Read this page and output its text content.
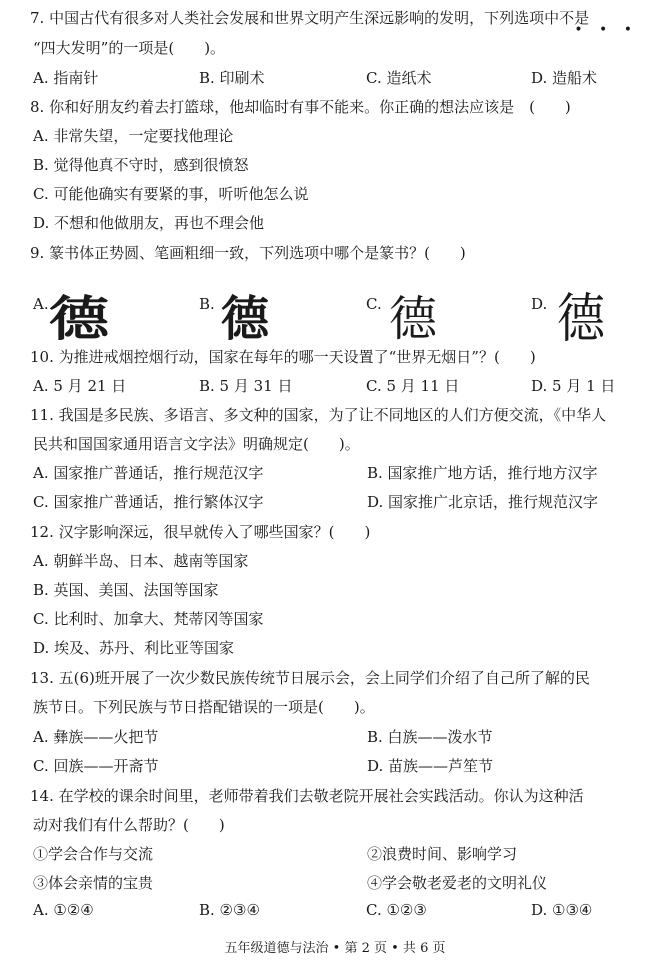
• • •
7. 中国古代有很多对人类社会发展和世界文明产生深远影响的发明，下列选项中不是
“四大发明”的一项是(　　)。
A. 指南针	B. 印刷术	C. 造纸术	D. 造船术
8. 你和好朋友约着去打篮球，他却临时有事不能来。你正确的想法应该是　(　　)
A. 非常失望，一定要找他理论
B. 觉得他真不守时，感到很愤怒
C. 可能他确实有要紧的事，听听他怎么说
D. 不想和他做朋友，再也不理会他
9. 篆书体正势圆、笔画粗细一致，下列选项中哪个是篆书？(　　)
A. 德	B. 德	C. 德	D. 德
10. 为推进戒烟控烟行动，国家在每年的哪一天设置了“世界无烟日”？(　　)
A. 5 月 21 日	B. 5 月 31 日	C. 5 月 11 日	D. 5 月 1 日
11. 我国是多民族、多语言、多文种的国家，为了让不同地区的人们方便交流，《中华人
民共和国国家通用语言文字法》明确规定(　　)。
A. 国家推广普通话，推行规范汉字	B. 国家推广地方话，推行地方汉字
C. 国家推广普通话，推行繁体汉字	D. 国家推广北京话，推行规范汉字
12. 汉字影响深远，很早就传入了哪些国家？(　　)
A. 朝鲜半岛、日本、越南等国家
B. 英国、美国、法国等国家
C. 比利时、加拿大、梵蒂冈等国家
D. 埃及、苏丹、利比亚等国家
13. 五(6)班开展了一次少数民族传统节日展示会，会上同学们介绍了自己所了解的民
族节日。下列民族与节日搭配错误的一项是(　　)。
A. 彝族——火把节	B. 白族——泼水节
C. 回族——开斋节	D. 苗族——芦笙节
14. 在学校的课余时间里，老师带着我们去敬老院开展社会实践活动。你认为这种活
动对我们有什么帮助？(　　)
①学会合作与交流	②浪费时间、影响学习
③体会亲情的宝贵	④学会敬老爱老的文明礼仪
A. ①②④	B. ②③④	C. ①②③	D. ①③④
五年级道德与法治 • 第 2 页 • 共 6 页
